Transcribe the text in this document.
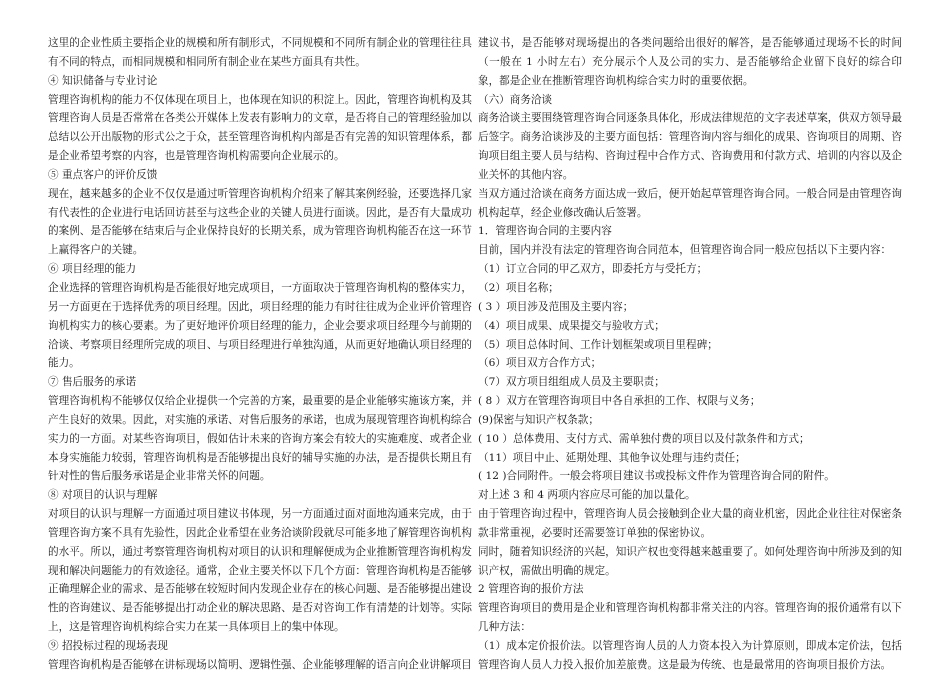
这里的企业性质主要指企业的规模和所有制形式，不同规模和不同所有制企业的管理往往具有不同的特点，而相同规模和相同所有制企业在某些方面具有共性。

④ 知识储备与专业讨论

管理咨询机构的能力不仅体现在项目上，也体现在知识的积淀上。因此，管理咨询机构及其管理咨询人员是否常常在各类公开媒体上发表有影响力的文章，是否将自己的管理经验加以总结以公开出版物的形式公之于众，甚至管理咨询机构内部是否有完善的知识管理体系，都是企业希望考察的内容，也是管理咨询机构需要向企业展示的。

⑤ 重点客户的评价反馈

现在，越来越多的企业不仅仅是通过听管理咨询机构介绍来了解其案例经验，还要选择几家有代表性的企业进行电话回访甚至与这些企业的关键人员进行面谈。因此，是否有大量成功的案例、是否能够在结束后与企业保持良好的长期关系，成为管理咨询机构能否在这一环节上赢得客户的关键。

⑥ 项目经理的能力

企业选择的管理咨询机构是否能很好地完成项目，一方面取决于管理咨询机构的整体实力，另一方面更在于选择优秀的项目经理。因此，项目经理的能力有时往往成为企业评价管理咨询机构实力的核心要素。为了更好地评价项目经理的能力，企业会要求项目经理今与前期的洽谈、考察项目经理所完成的项目、与项目经理进行单独沟通，从而更好地确认项目经理的能力。

⑦ 售后服务的承诺

管理咨询机构不能够仅仅给企业提供一个完善的方案，最重要的是企业能够实施该方案，并产生良好的效果。因此，对实施的承诺、对售后服务的承诺，也成为展现管理咨询机构综合实力的一方面。对某些咨询项目，假如估计未来的咨询方案会有较大的实施难度、或者企业本身实施能力较弱，管理咨询机构是否能够提出良好的辅导实施的办法，是否提供长期且有针对性的售后服务承诺是企业非常关怀的问题。

⑧ 对项目的认识与理解

对项目的认识与理解一方面通过项目建议书体现，另一方面通过面对面地沟通来完成，由于管理咨询方案不具有先验性，因此企业希望在业务洽谈阶段就尽可能多地了解管理咨询机构的水平。所以，通过考察管理咨询机构对项目的认识和理解便成为企业推断管理咨询机构发现和解决问题能力的有效途径。通常，企业主要关怀以下几个方面：管理咨询机构是否能够正确理解企业的需求、是否能够在较短时间内发现企业存在的核心问题、是否能够提出建设性的咨询建议、是否能够提出打动企业的解决思路、是否对咨询工作有清楚的计划等。实际上，这是管理咨询机构综合实力在某一具体项目上的集中体现。

⑨ 招投标过程的现场表现

管理咨询机构是否能够在讲标现场以简明、逻辑性强、企业能够理解的语言向企业讲解项目

建议书，是否能够对现场提出的各类问题给出很好的解答，是否能够通过现场不长的时间（一般在 1 小时左右）充分展示个人及公司的实力、是否能够给企业留下良好的综合印象，都是企业在推断管理咨询机构综合实力时的重要依据。

（六）商务洽谈

商务洽谈主要围绕管理咨询合同逐条具体化，形成法律规范的文字表述草案，供双方领导最后签字。商务洽谈涉及的主要方面包括：管理咨询内容与细化的成果、咨询项目的周期、咨询项目组主要人员与结构、咨询过程中合作方式、咨询费用和付款方式、培训的内容以及企业关怀的其他内容。

当双方通过洽谈在商务方面达成一致后，便开始起草管理咨询合同。一般合同是由管理咨询机构起草，经企业修改确认后签署。

1．管理咨询合同的主要内容

目前，国内并没有法定的管理咨询合同范本，但管理咨询合同一般应包括以下主要内容：

（1）订立合同的甲乙双方，即委托方与受托方；

（2）项目名称；

( 3 ）项目涉及范围及主要内容；

（4）项目成果、成果提交与验收方式；

（5）项目总体时间、工作计划框架或项目里程碑；

（6）项目双方合作方式；

（7）双方项目组组成人员及主要职责；

( 8 ）双方在管理咨询项目中各自承担的工作、权限与义务；

(9)保密与知识产权条款；

( 10 ）总体费用、支付方式、需单独付费的项目以及付款条件和方式；

（11）项目中止、延期处理、其他争议处理与违约责任；

( 12 )合同附件。一般会将项目建议书或投标文件作为管理咨询合同的附件。

对上述 3 和 4 两项内容应尽可能的加以量化。

由于管理咨询过程中，管理咨询人员会接触到企业大量的商业机密，因此企业往往对保密条款非常重视，必要时还需要签订单独的保密协议。

同时，随着知识经济的兴起，知识产权也变得越来越重要了。如何处理咨询中所涉及到的知识产权，需做出明确的规定。

2 管理咨询的报价方法

管理咨询项目的费用是企业和管理咨询机构都非常关注的内容。管理咨询的报价通常有以下几种方法：

（1）成本定价报价法。以管理咨询人员的人力资本投入为计算原则，即成本定价法，包括管理咨询人员人力投入报价加差旅费。这是最为传统、也是最常用的咨询项目报价方法。
